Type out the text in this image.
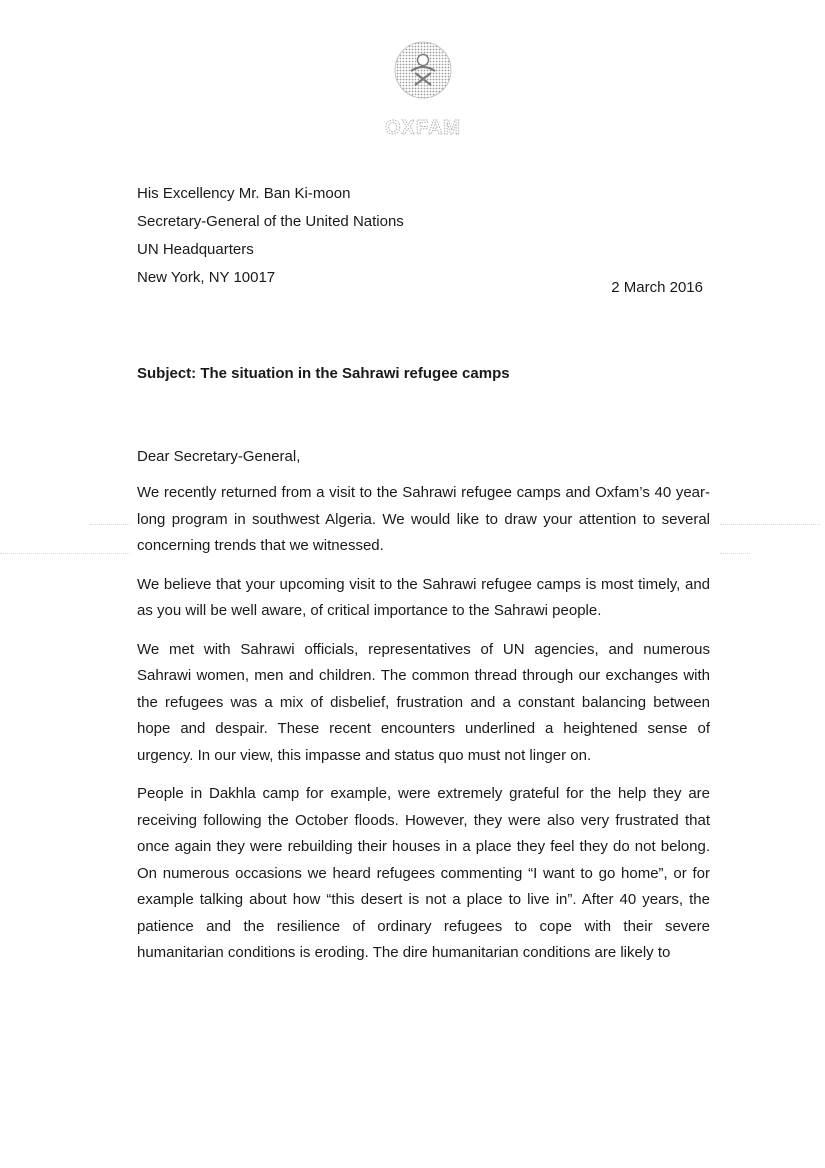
OXFAM
His Excellency Mr. Ban Ki-moon
Secretary-General of the United Nations
UN Headquarters
New York, NY 10017
2 March 2016
Subject: The situation in the Sahrawi refugee camps
Dear Secretary-General,

We recently returned from a visit to the Sahrawi refugee camps and Oxfam’s 40 year-long program in southwest Algeria. We would like to draw your attention to several concerning trends that we witnessed.

We believe that your upcoming visit to the Sahrawi refugee camps is most timely, and as you will be well aware, of critical importance to the Sahrawi people.

We met with Sahrawi officials, representatives of UN agencies, and numerous Sahrawi women, men and children. The common thread through our exchanges with the refugees was a mix of disbelief, frustration and a constant balancing between hope and despair. These recent encounters underlined a heightened sense of urgency. In our view, this impasse and status quo must not linger on.

People in Dakhla camp for example, were extremely grateful for the help they are receiving following the October floods. However, they were also very frustrated that once again they were rebuilding their houses in a place they feel they do not belong. On numerous occasions we heard refugees commenting “I want to go home”, or for example talking about how “this desert is not a place to live in”. After 40 years, the patience and the resilience of ordinary refugees to cope with their severe humanitarian conditions is eroding. The dire humanitarian conditions are likely to
